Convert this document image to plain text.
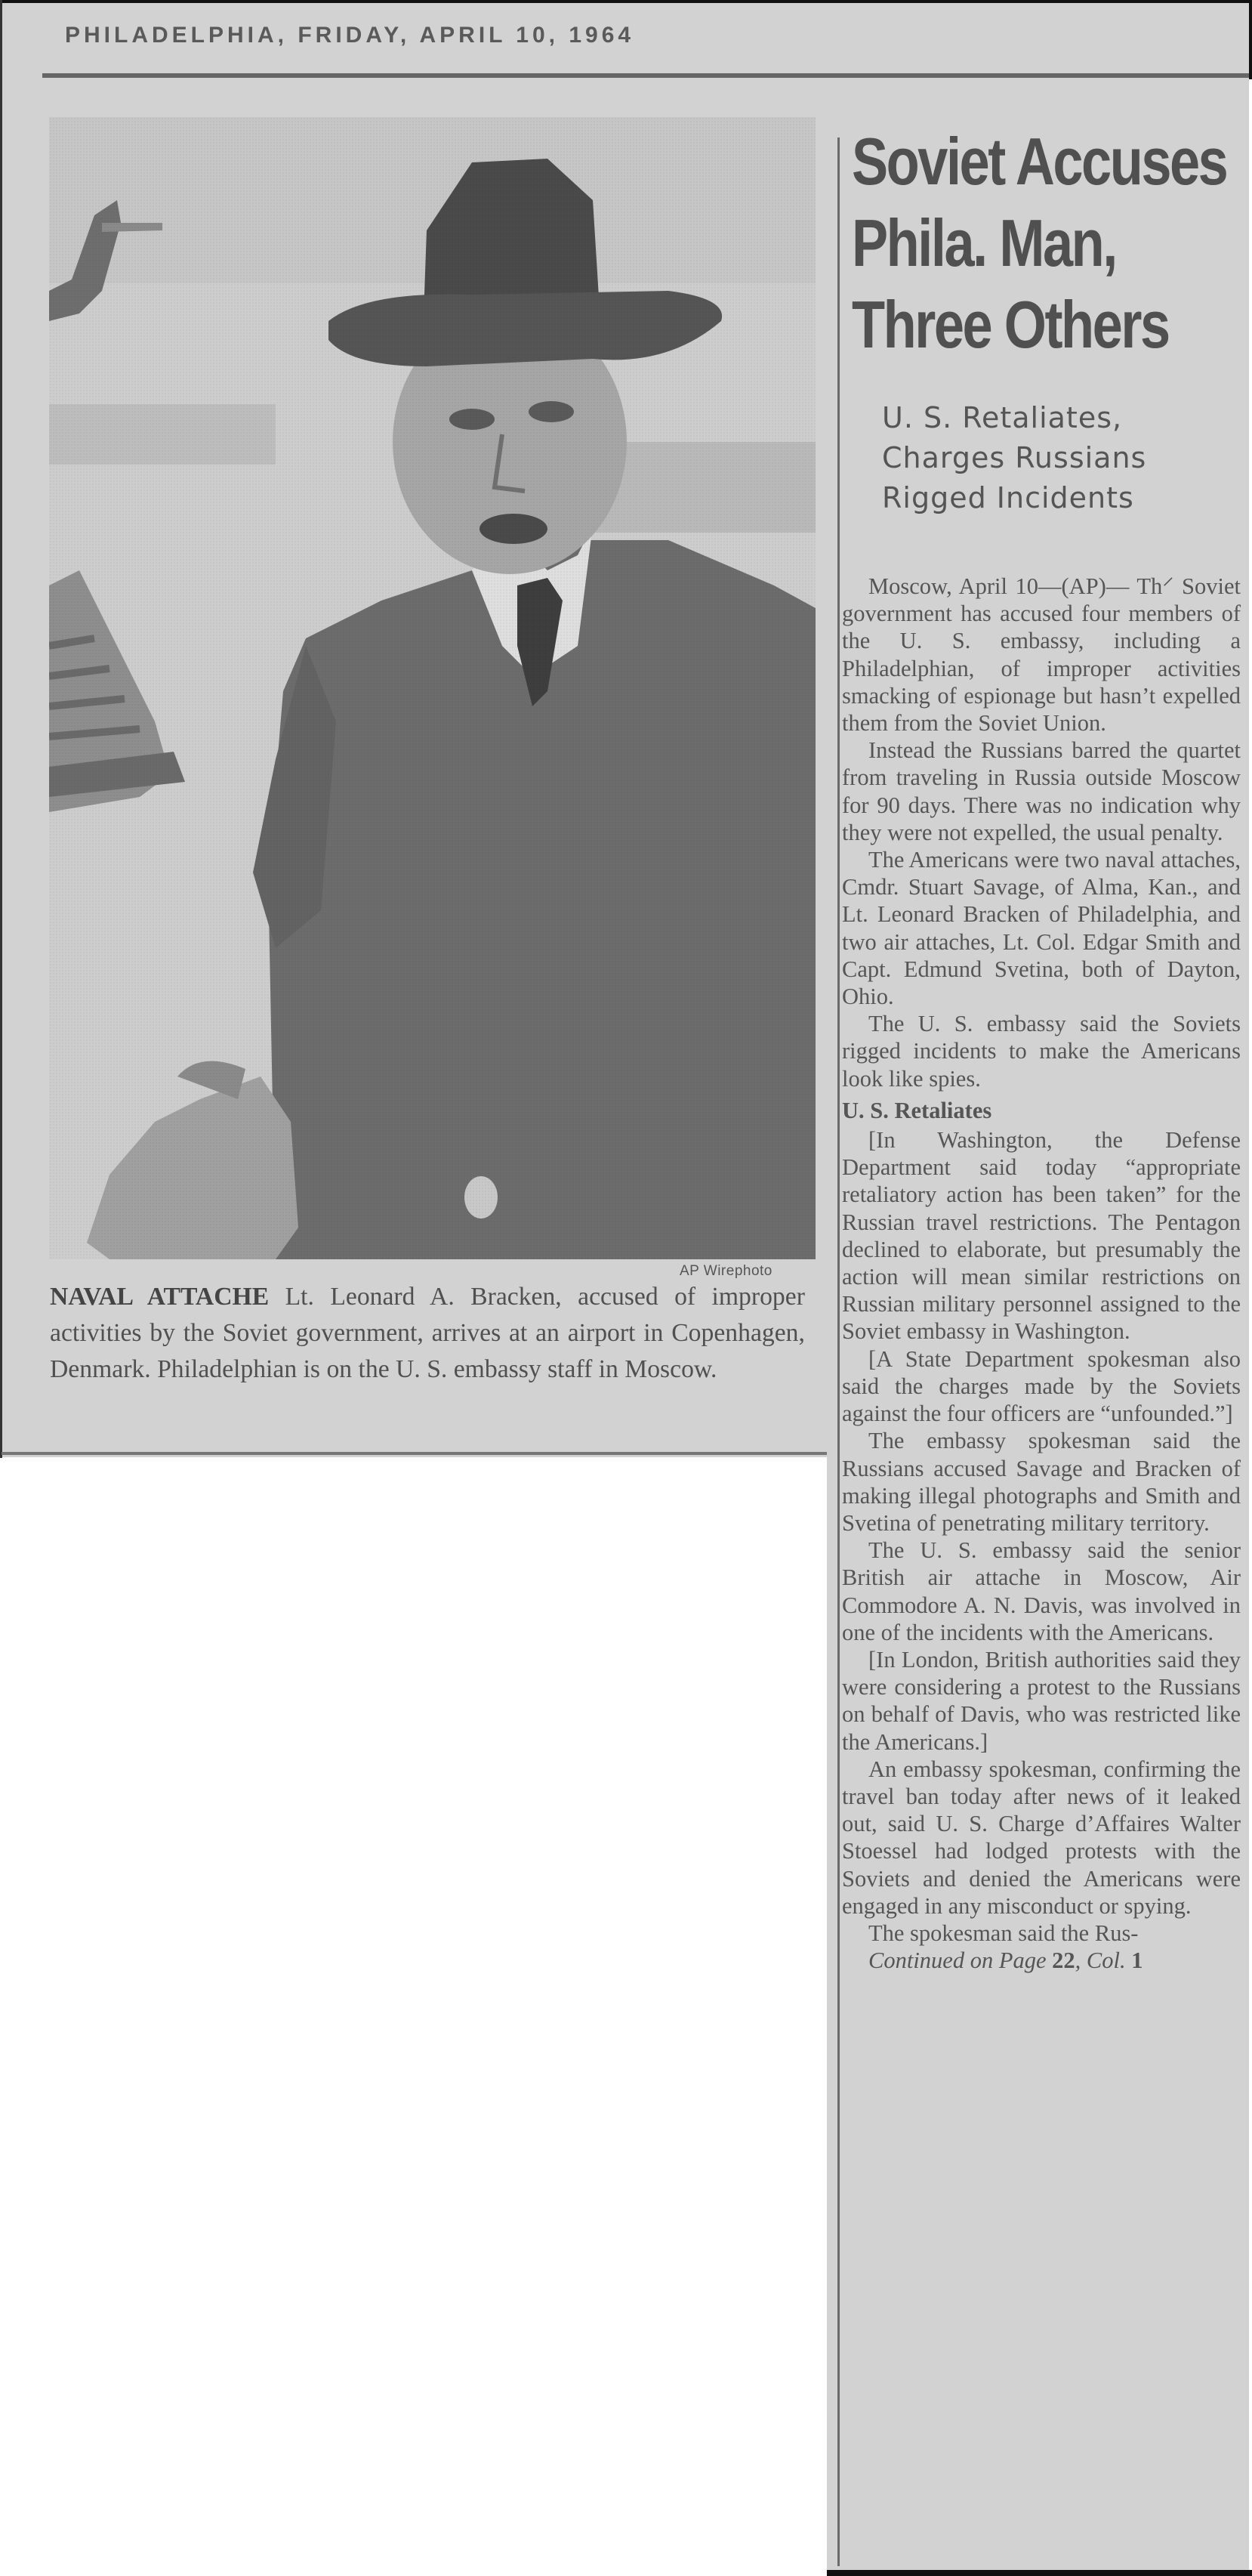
PHILADELPHIA, FRIDAY, APRIL 10, 1964
AP Wirephoto
NAVAL ATTACHE Lt. Leonard A. Bracken, accused of improper activities by the Soviet government, arrives at an airport in Copenhagen, Denmark. Philadelphian is on the U. S. embassy staff in Moscow.
Soviet Accuses
Phila. Man,
Three Others
U. S. Retaliates,
Charges Russians
Rigged Incidents

Moscow, April 10—(AP)— Th⸍ Soviet government has accused four members of the U. S. embassy, including a Philadelphian, of improper activities smacking of espionage but hasn’t expelled them from the Soviet Union.

Instead the Russians barred the quartet from traveling in Russia outside Moscow for 90 days. There was no indication why they were not expelled, the usual penalty.

The Americans were two naval attaches, Cmdr. Stuart Savage, of Alma, Kan., and Lt. Leonard Bracken of Philadelphia, and two air attaches, Lt. Col. Edgar Smith and Capt. Edmund Svetina, both of Dayton, Ohio.

The U. S. embassy said the Soviets rigged incidents to make the Americans look like spies.

U. S. Retaliates

[In Washington, the Defense Department said today “appropriate retaliatory action has been taken” for the Russian travel restrictions. The Pentagon declined to elaborate, but presumably the action will mean similar restrictions on Russian military personnel assigned to the Soviet embassy in Washington.

[A State Department spokesman also said the charges made by the Soviets against the four officers are “unfounded.”]

The embassy spokesman said the Russians accused Savage and Bracken of making illegal photographs and Smith and Svetina of penetrating military territory.

The U. S. embassy said the senior British air attache in Moscow, Air Commodore A. N. Davis, was involved in one of the incidents with the Americans.

[In London, British authorities said they were considering a protest to the Russians on behalf of Davis, who was restricted like the Americans.]

An embassy spokesman, confirming the travel ban today after news of it leaked out, said U. S. Charge d’Affaires Walter Stoessel had lodged protests with the Soviets and denied the Americans were engaged in any misconduct or spying.

The spokesman said the Rus-

Continued on Page 22, Col. 1
